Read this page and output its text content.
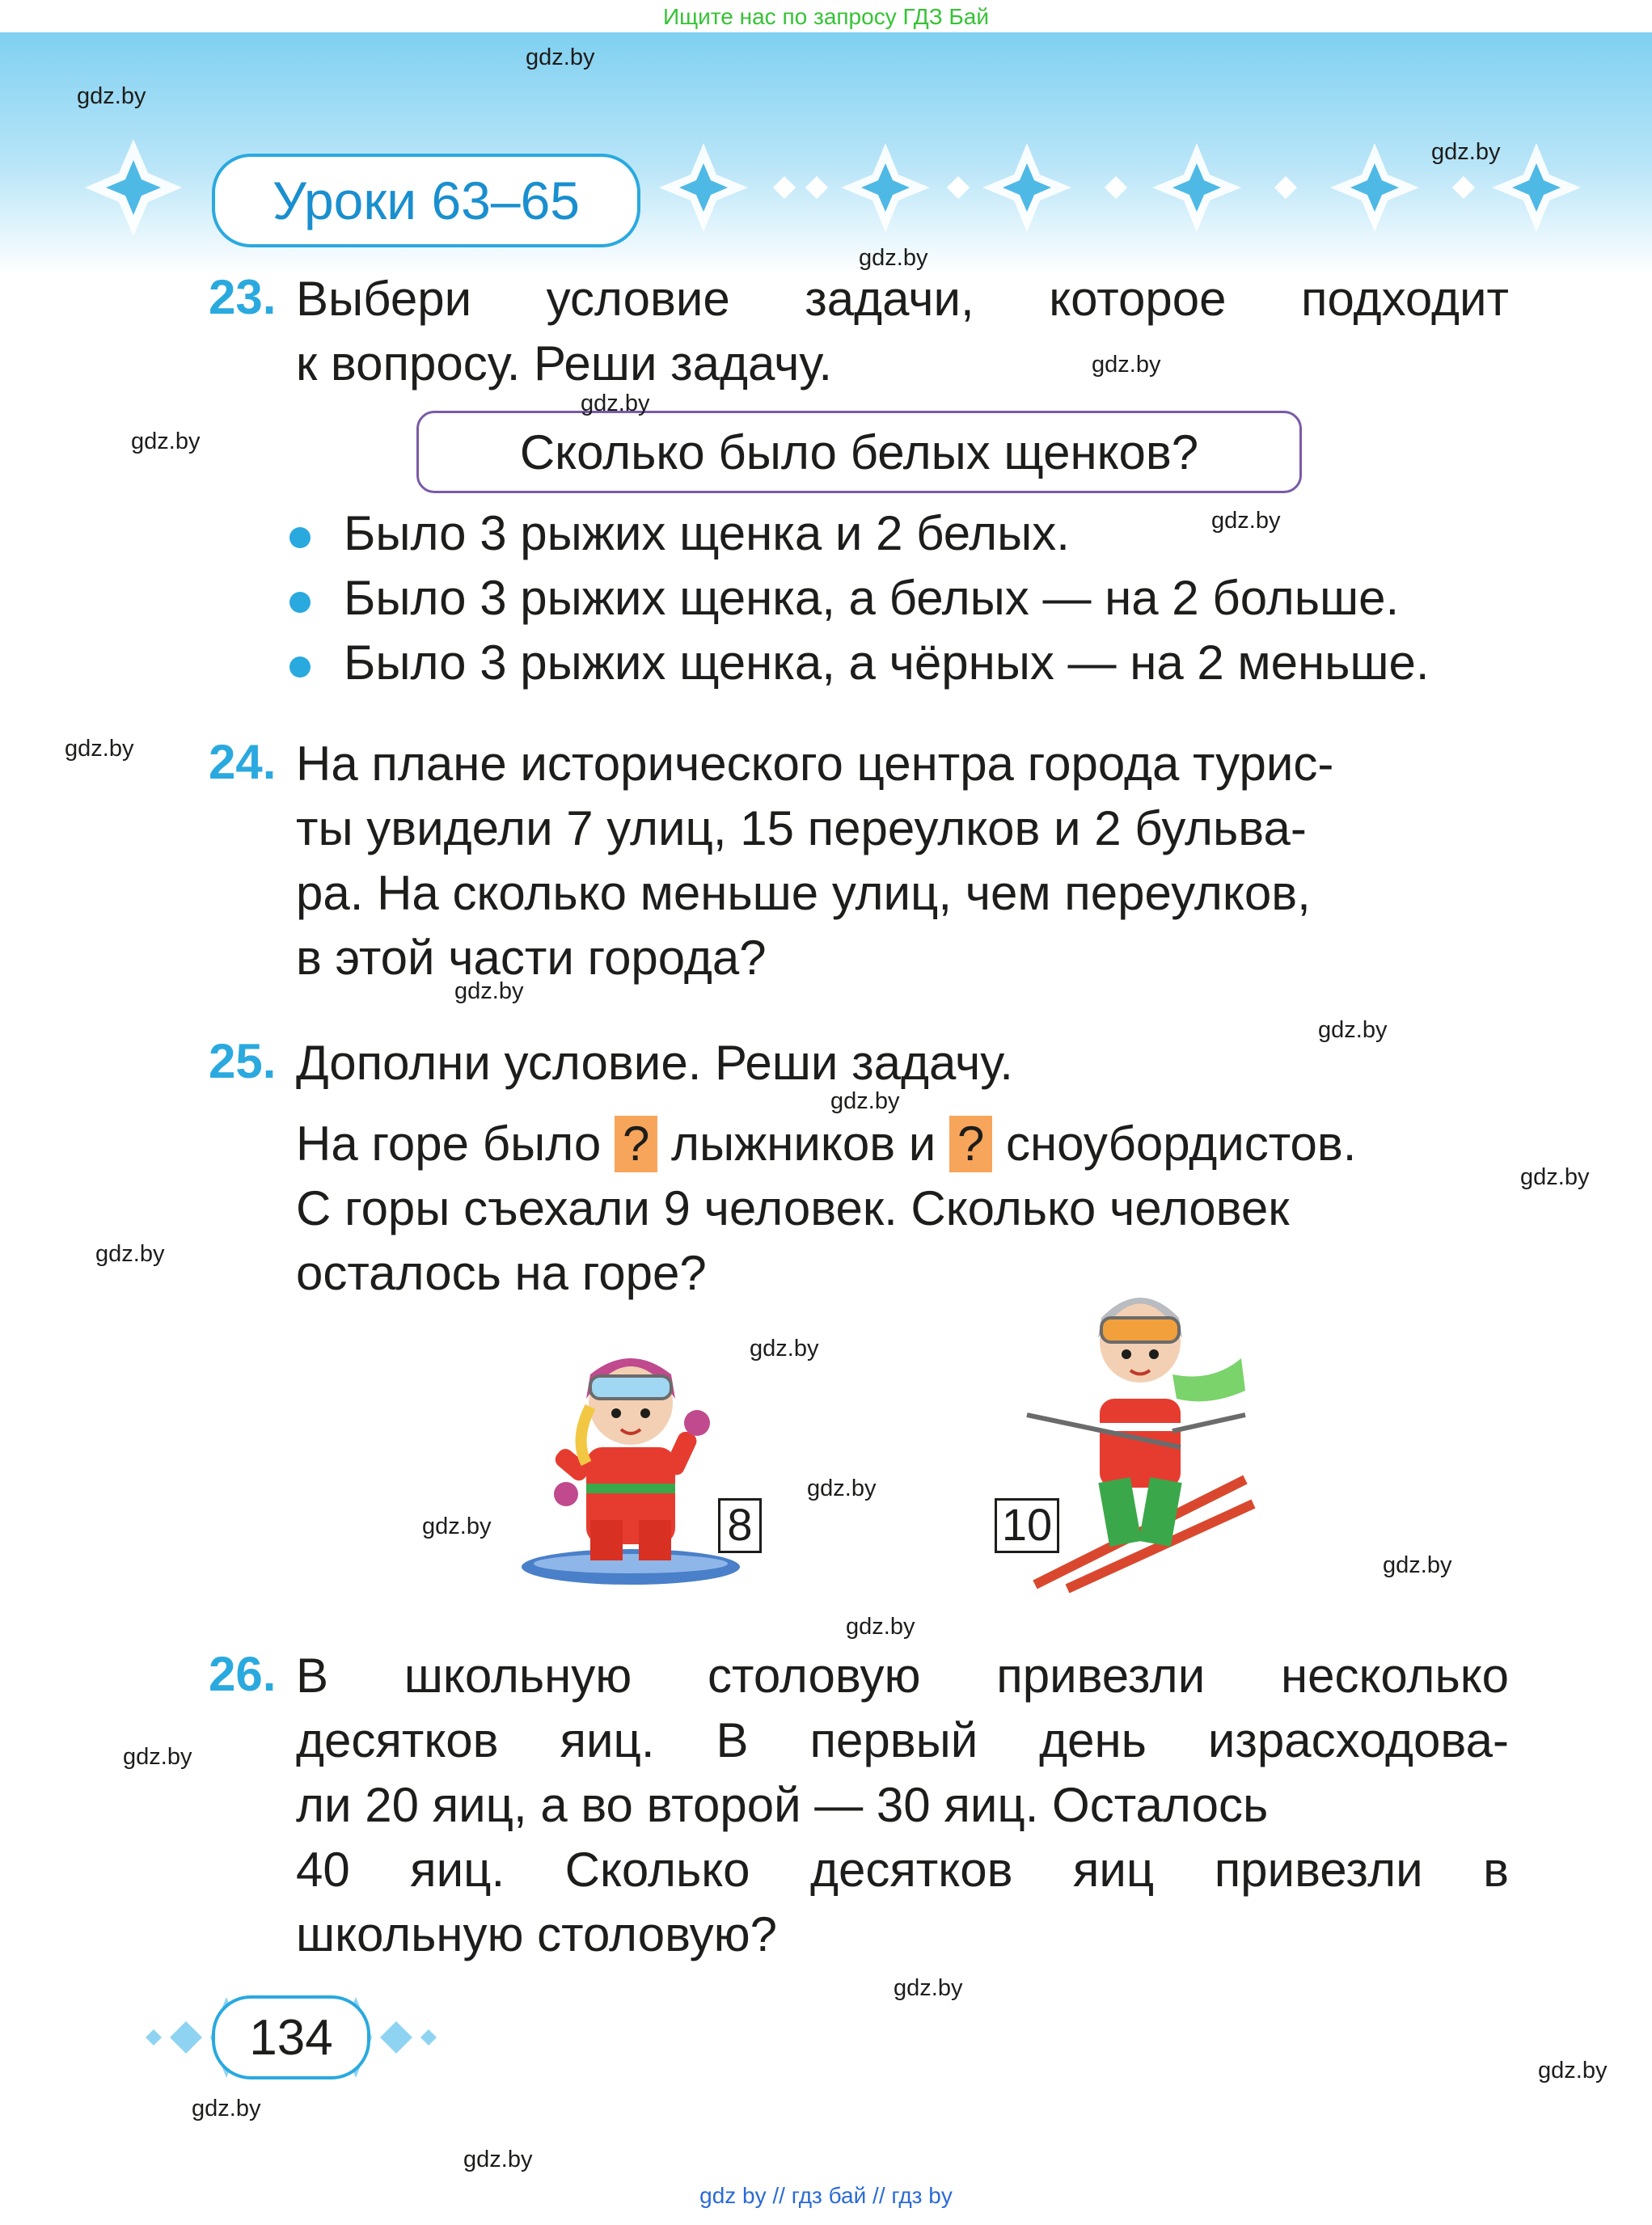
Ищите нас по запросу ГДЗ Бай
Уроки 63–65
23. Выбери условие задачи, которое подходит
к вопросу. Реши задачу.
Сколько было белых щенков?
Было 3 рыжих щенка и 2 белых.
Было 3 рыжих щенка, а белых — на 2 больше.
Было 3 рыжих щенка, а чёрных — на 2 меньше.
24. На плане исторического центра города турис-
ты увидели 7 улиц, 15 переулков и 2 бульва-
ра. На сколько меньше улиц, чем переулков,
в этой части города?
25. Дополни условие. Реши задачу.
На горе было ? лыжников и ? сноубордистов.
С горы съехали 9 человек. Сколько человек
осталось на горе?
8	10
26. В школьную столовую привезли несколько
десятков яиц. В первый день израсходова-
ли 20 яиц, а во второй — 30 яиц. Осталось
40 яиц. Сколько десятков яиц привезли в
школьную столовую?
134
gdz by // гдз бай // гдз by
gdz.by
gdz.by
gdz.by
gdz.by
gdz.by
gdz.by
gdz.by
gdz.by
gdz.by
gdz.by
gdz.by
gdz.by
gdz.by
gdz.by
gdz.by
gdz.by
gdz.by
gdz.by
gdz.by
gdz.by
gdz.by
gdz.by
gdz.by
gdz.by
